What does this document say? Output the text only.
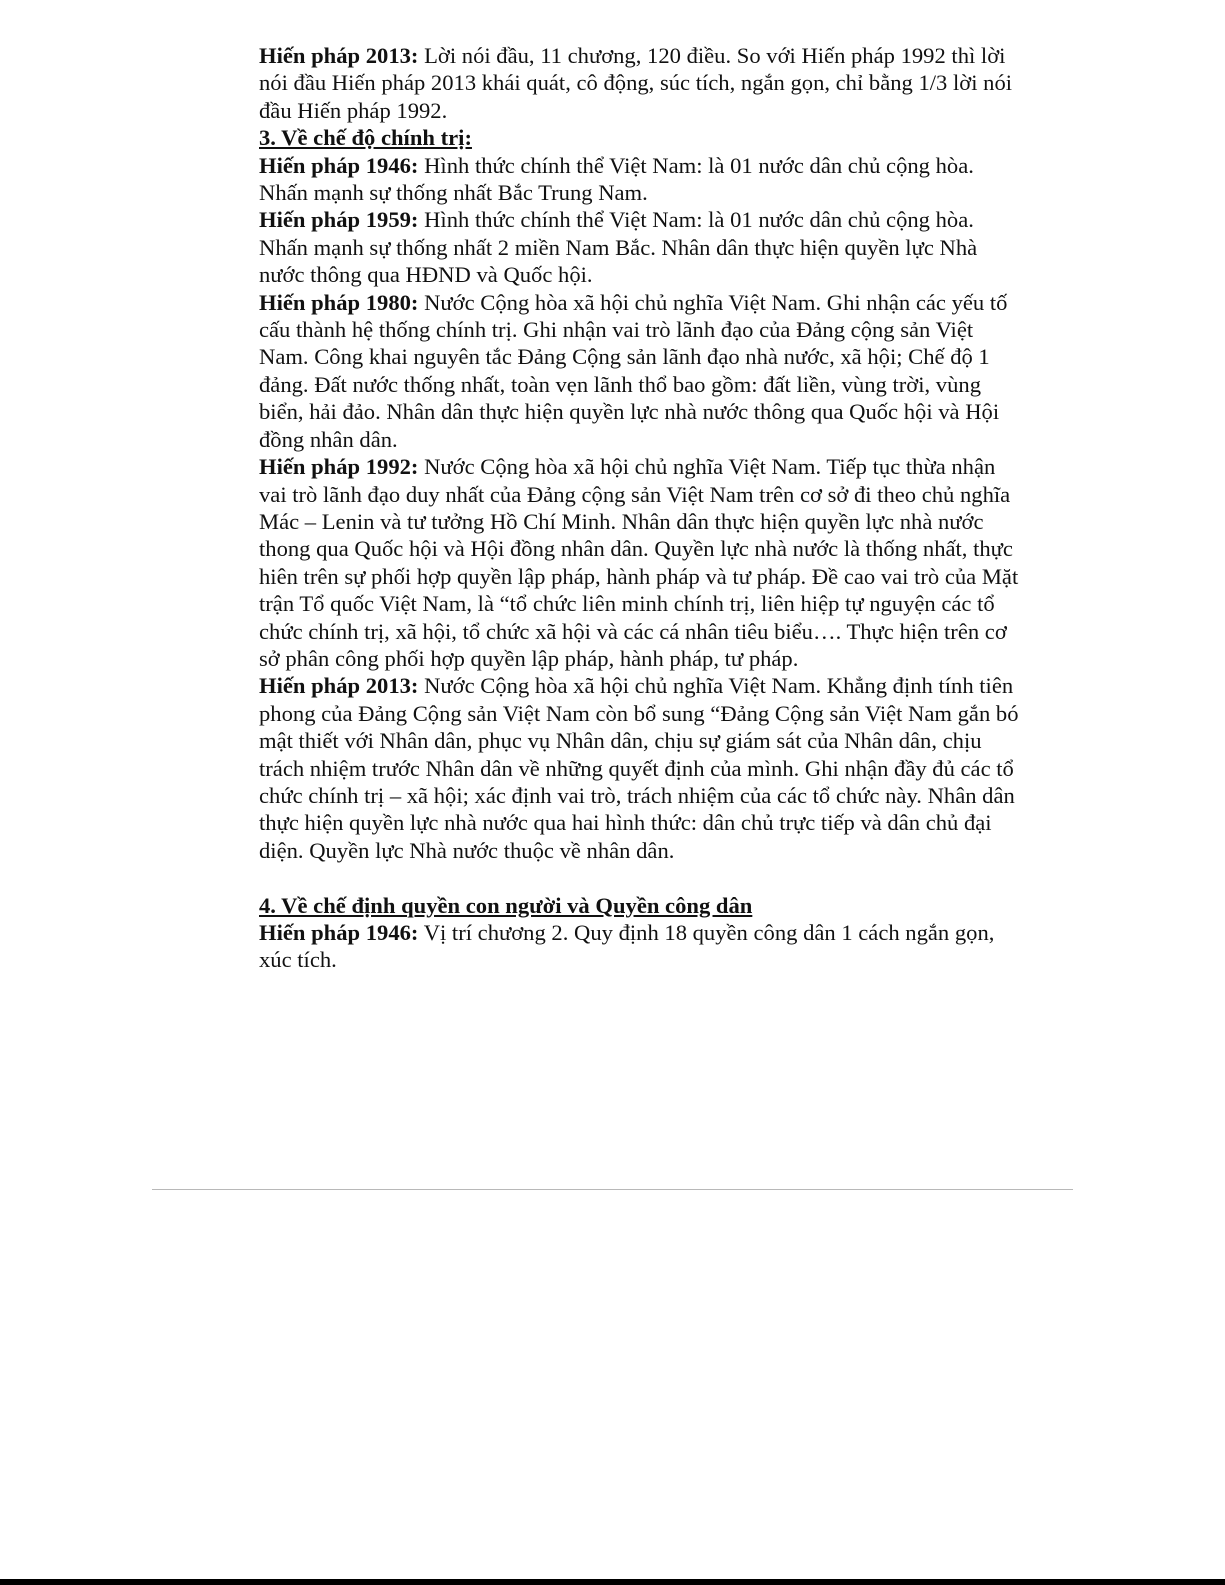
Hiến pháp 2013: Lời nói đầu, 11 chương, 120 điều. So với Hiến pháp 1992 thì lời nói đầu Hiến pháp 2013 khái quát, cô động, súc tích, ngắn gọn, chỉ bằng 1/3 lời nói đầu Hiến pháp 1992.

3. Về chế độ chính trị:

Hiến pháp 1946: Hình thức chính thể Việt Nam: là 01 nước dân chủ cộng hòa. Nhấn mạnh sự thống nhất Bắc Trung Nam.

Hiến pháp 1959: Hình thức chính thể Việt Nam: là 01 nước dân chủ cộng hòa. Nhấn mạnh sự thống nhất 2 miền Nam Bắc. Nhân dân thực hiện quyền lực Nhà nước thông qua HĐND và Quốc hội.

Hiến pháp 1980: Nước Cộng hòa xã hội chủ nghĩa Việt Nam. Ghi nhận các yếu tố cấu thành hệ thống chính trị. Ghi nhận vai trò lãnh đạo của Đảng cộng sản Việt Nam. Công khai nguyên tắc Đảng Cộng sản lãnh đạo nhà nước, xã hội; Chế độ 1 đảng. Đất nước thống nhất, toàn vẹn lãnh thổ bao gồm: đất liền, vùng trời, vùng biển, hải đảo. Nhân dân thực hiện quyền lực nhà nước thông qua Quốc hội và Hội đồng nhân dân.

Hiến pháp 1992: Nước Cộng hòa xã hội chủ nghĩa Việt Nam. Tiếp tục thừa nhận vai trò lãnh đạo duy nhất của Đảng cộng sản Việt Nam trên cơ sở đi theo chủ nghĩa Mác – Lenin và tư tưởng Hồ Chí Minh. Nhân dân thực hiện quyền lực nhà nước thong qua Quốc hội và Hội đồng nhân dân. Quyền lực nhà nước là thống nhất, thực hiên trên sự phối hợp quyền lập pháp, hành pháp và tư pháp. Đề cao vai trò của Mặt trận Tổ quốc Việt Nam, là “tổ chức liên minh chính trị, liên hiệp tự nguyện các tổ chức chính trị, xã hội, tổ chức xã hội và các cá nhân tiêu biểu…. Thực hiện trên cơ sở phân công phối hợp quyền lập pháp, hành pháp, tư pháp.

Hiến pháp 2013: Nước Cộng hòa xã hội chủ nghĩa Việt Nam. Khẳng định tính tiên phong của Đảng Cộng sản Việt Nam còn bổ sung “Đảng Cộng sản Việt Nam gắn bó mật thiết với Nhân dân, phục vụ Nhân dân, chịu sự giám sát của Nhân dân, chịu trách nhiệm trước Nhân dân về những quyết định của mình. Ghi nhận đầy đủ các tổ chức chính trị – xã hội; xác định vai trò, trách nhiệm của các tổ chức này. Nhân dân thực hiện quyền lực nhà nước qua hai hình thức: dân chủ trực tiếp và dân chủ đại diện. Quyền lực Nhà nước thuộc về nhân dân.

4. Về chế định quyền con người và Quyền công dân

Hiến pháp 1946: Vị trí chương 2. Quy định 18 quyền công dân 1 cách ngắn gọn, xúc tích.
